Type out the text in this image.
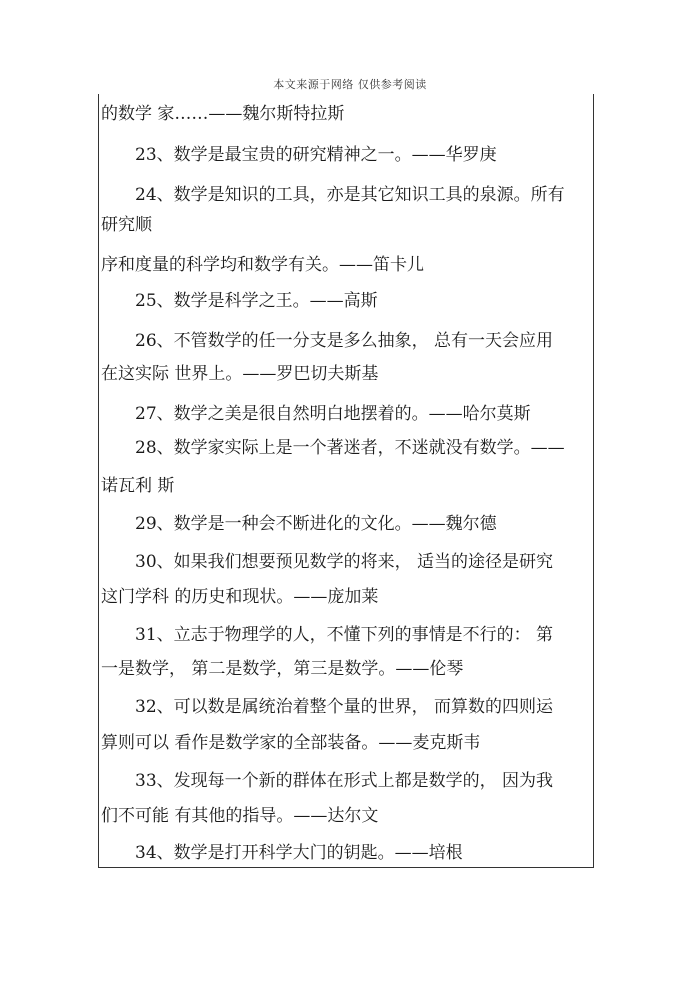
本文来源于网络 仅供参考阅读
的数学 家……——魏尔斯特拉斯
23、数学是最宝贵的研究精神之一。——华罗庚
24、数学是知识的工具，亦是其它知识工具的泉源。所有
研究顺
序和度量的科学均和数学有关。——笛卡儿
25、数学是科学之王。——高斯
26、不管数学的任一分支是多么抽象， 总有一天会应用
在这实际 世界上。——罗巴切夫斯基
27、数学之美是很自然明白地摆着的。——哈尔莫斯
28、数学家实际上是一个著迷者，不迷就没有数学。——
诺瓦利 斯
29、数学是一种会不断进化的文化。——魏尔德
30、如果我们想要预见数学的将来， 适当的途径是研究
这门学科 的历史和现状。——庞加莱
31、立志于物理学的人，不懂下列的事情是不行的： 第
一是数学， 第二是数学，第三是数学。——伦琴
32、可以数是属统治着整个量的世界， 而算数的四则运
算则可以 看作是数学家的全部装备。——麦克斯韦
33、发现每一个新的群体在形式上都是数学的， 因为我
们不可能 有其他的指导。——达尔文
34、数学是打开科学大门的钥匙。——培根
